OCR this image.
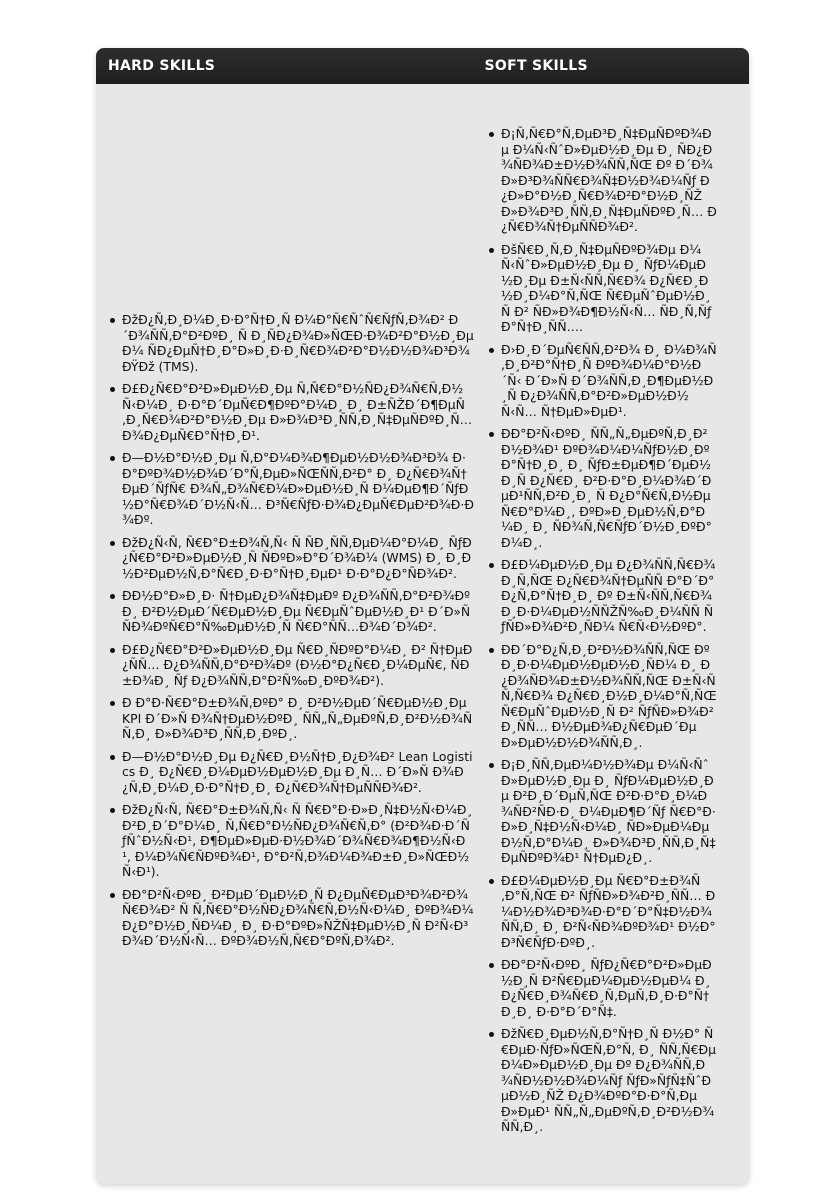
HARD SKILLS	SOFT SKILLS
ÐžÐ¿Ñ‚Ð¸Ð¼Ð¸Ð·Ð°Ñ†Ð¸Ñ Ð¼Ð°Ñ€ÑˆÑ€ÑƒÑ‚Ð¾Ð² Ð´Ð¾ÑÑ‚Ð°Ð²ÐºÐ¸ Ñ Ð¸ÑÐ¿Ð¾Ð»ÑŒÐ·Ð¾Ð²Ð°Ð½Ð¸ÐµÐ¼ ÑÐ¿ÐµÑ†Ð¸Ð°Ð»Ð¸Ð·Ð¸Ñ€Ð¾Ð²Ð°Ð½Ð½Ð¾Ð³Ð¾ ÐŸÐž (TMS).
Ð£Ð¿Ñ€Ð°Ð²Ð»ÐµÐ½Ð¸Ðµ Ñ‚Ñ€Ð°Ð½ÑÐ¿Ð¾Ñ€Ñ‚Ð½Ñ‹Ð¼Ð¸ Ð·Ð°Ð´ÐµÑ€Ð¶ÐºÐ°Ð¼Ð¸ Ð¸ Ð±ÑŽÐ´Ð¶ÐµÑ‚Ð¸Ñ€Ð¾Ð²Ð°Ð½Ð¸Ðµ Ð»Ð¾Ð³Ð¸ÑÑ‚Ð¸Ñ‡ÐµÑÐºÐ¸Ñ… Ð¾Ð¿ÐµÑ€Ð°Ñ†Ð¸Ð¹.
Ð—Ð½Ð°Ð½Ð¸Ðµ Ñ‚Ð°Ð¼Ð¾Ð¶ÐµÐ½Ð½Ð¾Ð³Ð¾ Ð·Ð°ÐºÐ¾Ð½Ð¾Ð´Ð°Ñ‚ÐµÐ»ÑŒÑÑ‚Ð²Ð° Ð¸ Ð¿Ñ€Ð¾Ñ†ÐµÐ´ÑƒÑ€ Ð¾Ñ„Ð¾Ñ€Ð¼Ð»ÐµÐ½Ð¸Ñ Ð¼ÐµÐ¶Ð´ÑƒÐ½Ð°Ñ€Ð¾Ð´Ð½Ñ‹Ñ… Ð³Ñ€ÑƒÐ·Ð¾Ð¿ÐµÑ€ÐµÐ²Ð¾Ð·Ð¾Ðº.
ÐžÐ¿Ñ‹Ñ‚ Ñ€Ð°Ð±Ð¾Ñ‚Ñ‹ Ñ ÑÐ¸ÑÑ‚ÐµÐ¼Ð°Ð¼Ð¸ ÑƒÐ¿Ñ€Ð°Ð²Ð»ÐµÐ½Ð¸Ñ ÑÐºÐ»Ð°Ð´Ð¾Ð¼ (WMS) Ð¸ Ð¸Ð½Ð²ÐµÐ½Ñ‚Ð°Ñ€Ð¸Ð·Ð°Ñ†Ð¸ÐµÐ¹ Ð·Ð°Ð¿Ð°ÑÐ¾Ð².
ÐÐ½Ð°Ð»Ð¸Ð· Ñ†ÐµÐ¿Ð¾Ñ‡ÐµÐº Ð¿Ð¾ÑÑ‚Ð°Ð²Ð¾Ðº Ð¸ Ð²Ð½ÐµÐ´Ñ€ÐµÐ½Ð¸Ðµ Ñ€ÐµÑˆÐµÐ½Ð¸Ð¹ Ð´Ð»Ñ ÑÐ¾ÐºÑ€Ð°Ñ‰ÐµÐ½Ð¸Ñ Ñ€Ð°ÑÑ…Ð¾Ð´Ð¾Ð².
Ð£Ð¿Ñ€Ð°Ð²Ð»ÐµÐ½Ð¸Ðµ Ñ€Ð¸ÑÐºÐ°Ð¼Ð¸ Ð² Ñ†ÐµÐ¿ÑÑ… Ð¿Ð¾ÑÑ‚Ð°Ð²Ð¾Ðº (Ð½Ð°Ð¿Ñ€Ð¸Ð¼ÐµÑ€, ÑÐ±Ð¾Ð¸ Ñƒ Ð¿Ð¾ÑÑ‚Ð°Ð²Ñ‰Ð¸ÐºÐ¾Ð²).
Ð Ð°Ð·Ñ€Ð°Ð±Ð¾Ñ‚ÐºÐ° Ð¸ Ð²Ð½ÐµÐ´Ñ€ÐµÐ½Ð¸Ðµ KPI Ð´Ð»Ñ Ð¾Ñ†ÐµÐ½ÐºÐ¸ ÑÑ„Ñ„ÐµÐºÑ‚Ð¸Ð²Ð½Ð¾ÑÑ‚Ð¸ Ð»Ð¾Ð³Ð¸ÑÑ‚Ð¸ÐºÐ¸.
Ð—Ð½Ð°Ð½Ð¸Ðµ Ð¿Ñ€Ð¸Ð½Ñ†Ð¸Ð¿Ð¾Ð² Lean Logistics Ð¸ Ð¿Ñ€Ð¸Ð¼ÐµÐ½ÐµÐ½Ð¸Ðµ Ð¸Ñ… Ð´Ð»Ñ Ð¾Ð¿Ñ‚Ð¸Ð¼Ð¸Ð·Ð°Ñ†Ð¸Ð¸ Ð¿Ñ€Ð¾Ñ†ÐµÑÑÐ¾Ð².
ÐžÐ¿Ñ‹Ñ‚ Ñ€Ð°Ð±Ð¾Ñ‚Ñ‹ Ñ Ñ€Ð°Ð·Ð»Ð¸Ñ‡Ð½Ñ‹Ð¼Ð¸ Ð²Ð¸Ð´Ð°Ð¼Ð¸ Ñ‚Ñ€Ð°Ð½ÑÐ¿Ð¾Ñ€Ñ‚Ð° (Ð²Ð¾Ð·Ð´ÑƒÑˆÐ½Ñ‹Ð¹, Ð¶ÐµÐ»ÐµÐ·Ð½Ð¾Ð´Ð¾Ñ€Ð¾Ð¶Ð½Ñ‹Ð¹, Ð¼Ð¾Ñ€ÑÐºÐ¾Ð¹, Ð°Ð²Ñ‚Ð¾Ð¼Ð¾Ð±Ð¸Ð»ÑŒÐ½Ñ‹Ð¹).
ÐÐ°Ð²Ñ‹ÐºÐ¸ Ð²ÐµÐ´ÐµÐ½Ð¸Ñ Ð¿ÐµÑ€ÐµÐ³Ð¾Ð²Ð¾Ñ€Ð¾Ð² Ñ Ñ‚Ñ€Ð°Ð½ÑÐ¿Ð¾Ñ€Ñ‚Ð½Ñ‹Ð¼Ð¸ ÐºÐ¾Ð¼Ð¿Ð°Ð½Ð¸ÑÐ¼Ð¸ Ð¸ Ð·Ð°ÐºÐ»ÑŽÑ‡ÐµÐ½Ð¸Ñ Ð²Ñ‹Ð³Ð¾Ð´Ð½Ñ‹Ñ… ÐºÐ¾Ð½Ñ‚Ñ€Ð°ÐºÑ‚Ð¾Ð².
Ð¡Ñ‚Ñ€Ð°Ñ‚ÐµÐ³Ð¸Ñ‡ÐµÑÐºÐ¾Ðµ Ð¼Ñ‹ÑˆÐ»ÐµÐ½Ð¸Ðµ Ð¸ ÑÐ¿Ð¾ÑÐ¾Ð±Ð½Ð¾ÑÑ‚ÑŒ Ðº Ð´Ð¾Ð»Ð³Ð¾ÑÑ€Ð¾Ñ‡Ð½Ð¾Ð¼Ñƒ Ð¿Ð»Ð°Ð½Ð¸Ñ€Ð¾Ð²Ð°Ð½Ð¸ÑŽ Ð»Ð¾Ð³Ð¸ÑÑ‚Ð¸Ñ‡ÐµÑÐºÐ¸Ñ… Ð¿Ñ€Ð¾Ñ†ÐµÑÑÐ¾Ð².
ÐšÑ€Ð¸Ñ‚Ð¸Ñ‡ÐµÑÐºÐ¾Ðµ Ð¼Ñ‹ÑˆÐ»ÐµÐ½Ð¸Ðµ Ð¸ ÑƒÐ¼ÐµÐ½Ð¸Ðµ Ð±Ñ‹ÑÑ‚Ñ€Ð¾ Ð¿Ñ€Ð¸Ð½Ð¸Ð¼Ð°Ñ‚ÑŒ Ñ€ÐµÑˆÐµÐ½Ð¸Ñ Ð² ÑÐ»Ð¾Ð¶Ð½Ñ‹Ñ… ÑÐ¸Ñ‚ÑƒÐ°Ñ†Ð¸ÑÑ….
Ð›Ð¸Ð´ÐµÑ€ÑÑ‚Ð²Ð¾ Ð¸ Ð¼Ð¾Ñ‚Ð¸Ð²Ð°Ñ†Ð¸Ñ ÐºÐ¾Ð¼Ð°Ð½Ð´Ñ‹ Ð´Ð»Ñ Ð´Ð¾ÑÑ‚Ð¸Ð¶ÐµÐ½Ð¸Ñ Ð¿Ð¾ÑÑ‚Ð°Ð²Ð»ÐµÐ½Ð½Ñ‹Ñ… Ñ†ÐµÐ»ÐµÐ¹.
ÐÐ°Ð²Ñ‹ÐºÐ¸ ÑÑ„Ñ„ÐµÐºÑ‚Ð¸Ð²Ð½Ð¾Ð¹ ÐºÐ¾Ð¼Ð¼ÑƒÐ½Ð¸ÐºÐ°Ñ†Ð¸Ð¸ Ð¸ ÑƒÐ±ÐµÐ¶Ð´ÐµÐ½Ð¸Ñ Ð¿Ñ€Ð¸ Ð²Ð·Ð°Ð¸Ð¼Ð¾Ð´ÐµÐ¹ÑÑ‚Ð²Ð¸Ð¸ Ñ Ð¿Ð°Ñ€Ñ‚Ð½ÐµÑ€Ð°Ð¼Ð¸, ÐºÐ»Ð¸ÐµÐ½Ñ‚Ð°Ð¼Ð¸ Ð¸ ÑÐ¾Ñ‚Ñ€ÑƒÐ´Ð½Ð¸ÐºÐ°Ð¼Ð¸.
Ð£Ð¼ÐµÐ½Ð¸Ðµ Ð¿Ð¾ÑÑ‚Ñ€Ð¾Ð¸Ñ‚ÑŒ Ð¿Ñ€Ð¾Ñ†ÐµÑÑ Ð°Ð´Ð°Ð¿Ñ‚Ð°Ñ†Ð¸Ð¸ Ðº Ð±Ñ‹ÑÑ‚Ñ€Ð¾ Ð¸Ð·Ð¼ÐµÐ½ÑÑŽÑ‰Ð¸Ð¼ÑÑ ÑƒÑÐ»Ð¾Ð²Ð¸ÑÐ¼ Ñ€Ñ‹Ð½ÐºÐ°.
ÐÐ´Ð°Ð¿Ñ‚Ð¸Ð²Ð½Ð¾ÑÑ‚ÑŒ Ðº Ð¸Ð·Ð¼ÐµÐ½ÐµÐ½Ð¸ÑÐ¼ Ð¸ Ð¿Ð¾ÑÐ¾Ð±Ð½Ð¾ÑÑ‚ÑŒ Ð±Ñ‹ÑÑ‚Ñ€Ð¾ Ð¿Ñ€Ð¸Ð½Ð¸Ð¼Ð°Ñ‚ÑŒ Ñ€ÐµÑˆÐµÐ½Ð¸Ñ Ð² ÑƒÑÐ»Ð¾Ð²Ð¸ÑÑ… Ð½ÐµÐ¾Ð¿Ñ€ÐµÐ´ÐµÐ»ÐµÐ½Ð½Ð¾ÑÑ‚Ð¸.
Ð¡Ð¸ÑÑ‚ÐµÐ¼Ð½Ð¾Ðµ Ð¼Ñ‹ÑˆÐ»ÐµÐ½Ð¸Ðµ Ð¸ ÑƒÐ¼ÐµÐ½Ð¸Ðµ Ð²Ð¸Ð´ÐµÑ‚ÑŒ Ð²Ð·Ð°Ð¸Ð¼Ð¾ÑÐ²ÑÐ·Ð¸ Ð¼ÐµÐ¶Ð´Ñƒ Ñ€Ð°Ð·Ð»Ð¸Ñ‡Ð½Ñ‹Ð¼Ð¸ ÑÐ»ÐµÐ¼ÐµÐ½Ñ‚Ð°Ð¼Ð¸ Ð»Ð¾Ð³Ð¸ÑÑ‚Ð¸Ñ‡ÐµÑÐºÐ¾Ð¹ Ñ†ÐµÐ¿Ð¸.
Ð£Ð¼ÐµÐ½Ð¸Ðµ Ñ€Ð°Ð±Ð¾Ñ‚Ð°Ñ‚ÑŒ Ð² ÑƒÑÐ»Ð¾Ð²Ð¸ÑÑ… Ð¼Ð½Ð¾Ð³Ð¾Ð·Ð°Ð´Ð°Ñ‡Ð½Ð¾ÑÑ‚Ð¸ Ð¸ Ð²Ñ‹ÑÐ¾ÐºÐ¾Ð¹ Ð½Ð°Ð³Ñ€ÑƒÐ·ÐºÐ¸.
ÐÐ°Ð²Ñ‹ÐºÐ¸ ÑƒÐ¿Ñ€Ð°Ð²Ð»ÐµÐ½Ð¸Ñ Ð²Ñ€ÐµÐ¼ÐµÐ½ÐµÐ¼ Ð¸ Ð¿Ñ€Ð¸Ð¾Ñ€Ð¸Ñ‚ÐµÑ‚Ð¸Ð·Ð°Ñ†Ð¸Ð¸ Ð·Ð°Ð´Ð°Ñ‡.
ÐžÑ€Ð¸ÐµÐ½Ñ‚Ð°Ñ†Ð¸Ñ Ð½Ð° Ñ€ÐµÐ·ÑƒÐ»ÑŒÑ‚Ð°Ñ‚ Ð¸ ÑÑ‚Ñ€ÐµÐ¼Ð»ÐµÐ½Ð¸Ðµ Ðº Ð¿Ð¾ÑÑ‚Ð¾ÑÐ½Ð½Ð¾Ð¼Ñƒ ÑƒÐ»ÑƒÑ‡ÑˆÐµÐ½Ð¸ÑŽ Ð¿Ð¾ÐºÐ°Ð·Ð°Ñ‚ÐµÐ»ÐµÐ¹ ÑÑ„Ñ„ÐµÐºÑ‚Ð¸Ð²Ð½Ð¾ÑÑ‚Ð¸.
